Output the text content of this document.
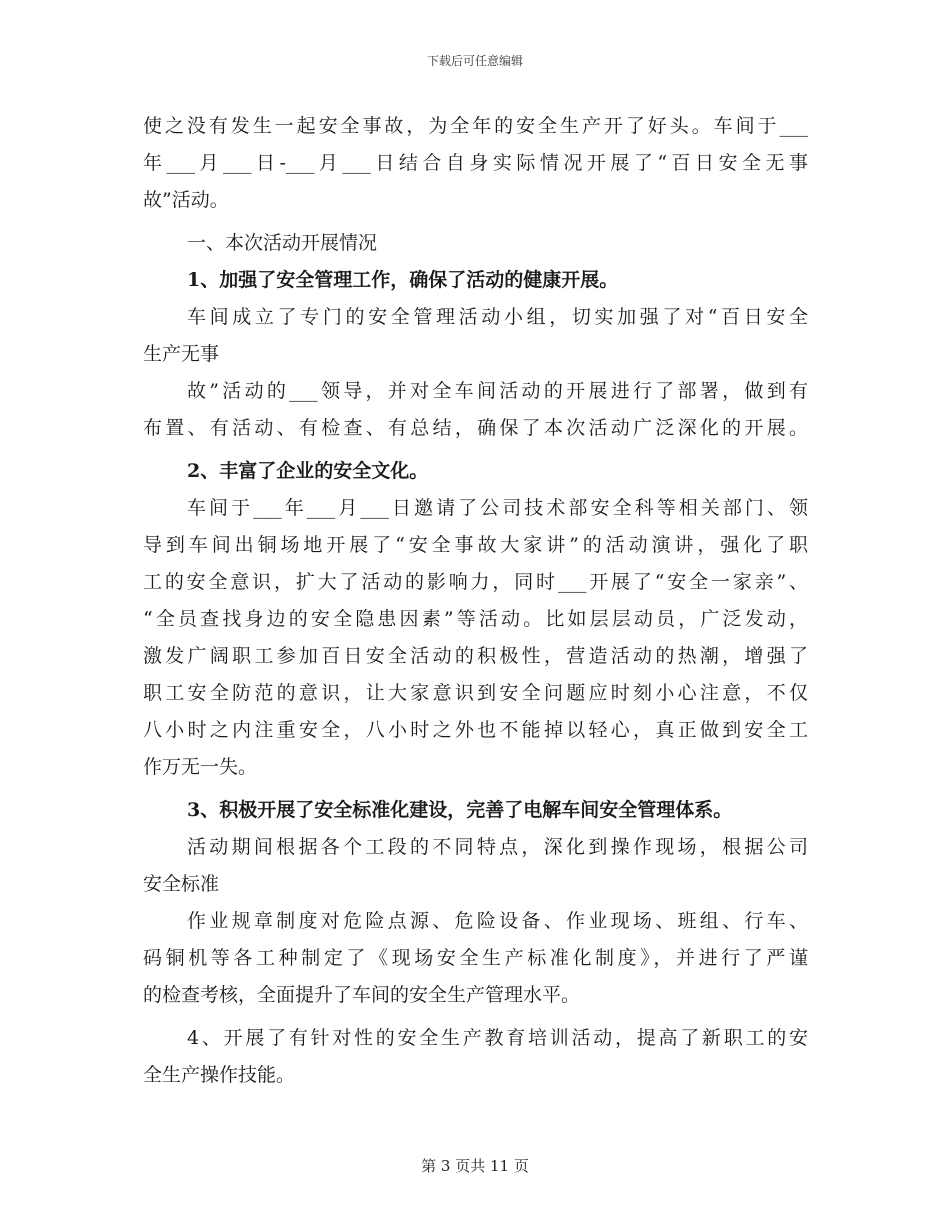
下载后可任意编辑
使之没有发生一起安全事故，为全年的安全生产开了好头。车间于___
年___月___日-___月___日结合自身实际情况开展了“百日安全无事
故”活动。
一、本次活动开展情况
1、加强了安全管理工作，确保了活动的健康开展。
车间成立了专门的安全管理活动小组，切实加强了对“百日安全
生产无事
故”活动的___领导，并对全车间活动的开展进行了部署，做到有
布置、有活动、有检查、有总结，确保了本次活动广泛深化的开展。
2、丰富了企业的安全文化。
车间于___年___月___日邀请了公司技术部安全科等相关部门、领
导到车间出铜场地开展了“安全事故大家讲”的活动演讲，强化了职
工的安全意识，扩大了活动的影响力，同时___开展了“安全一家亲”、
“全员查找身边的安全隐患因素”等活动。比如层层动员，广泛发动，
激发广阔职工参加百日安全活动的积极性，营造活动的热潮，增强了
职工安全防范的意识，让大家意识到安全问题应时刻小心注意，不仅
八小时之内注重安全，八小时之外也不能掉以轻心，真正做到安全工
作万无一失。
3、积极开展了安全标准化建设，完善了电解车间安全管理体系。
活动期间根据各个工段的不同特点，深化到操作现场，根据公司
安全标准
作业规章制度对危险点源、危险设备、作业现场、班组、行车、
码铜机等各工种制定了《现场安全生产标准化制度》，并进行了严谨
的检查考核，全面提升了车间的安全生产管理水平。
4、开展了有针对性的安全生产教育培训活动，提高了新职工的安
全生产操作技能。
第 3 页共 11 页
